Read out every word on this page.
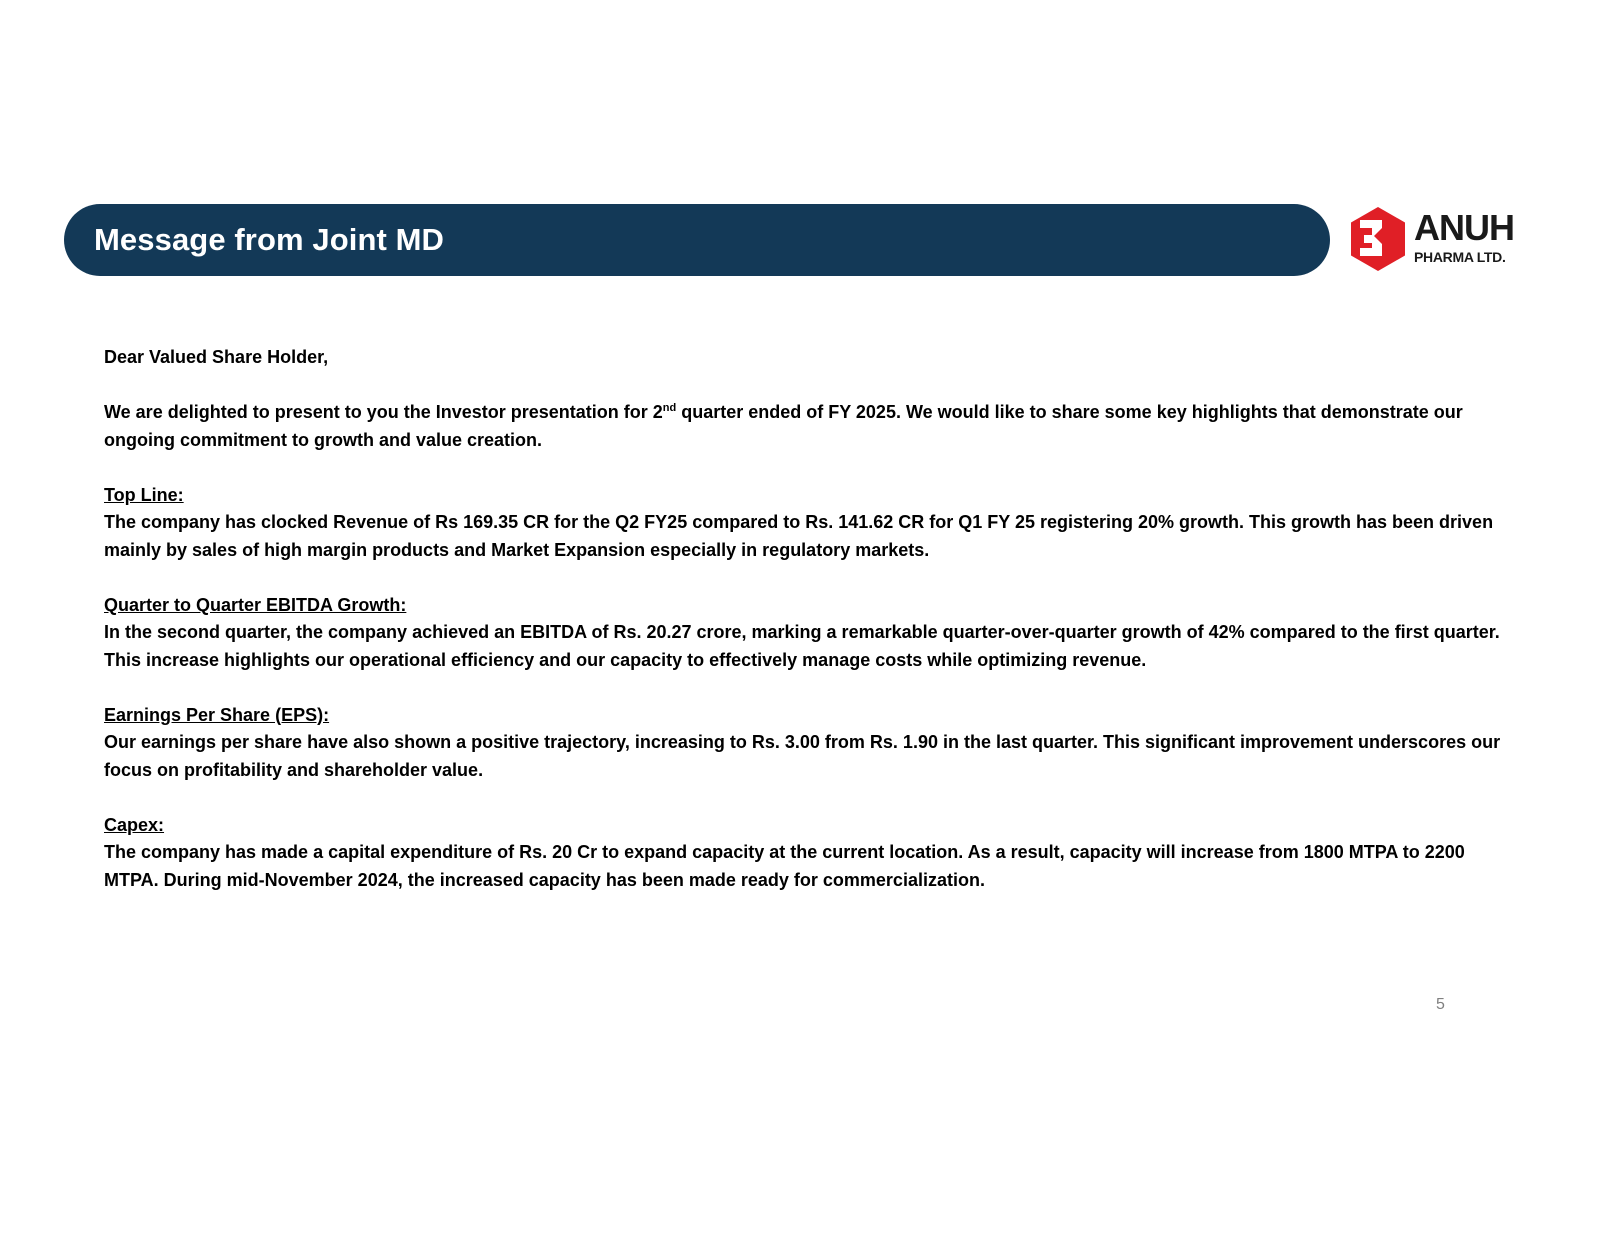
Message from Joint MD	ANUH
PHARMA LTD.

Dear Valued Share Holder,

We are delighted to present to you the Investor presentation for 2nd quarter ended of FY 2025. We would like to share some key highlights that demonstrate our ongoing commitment to growth and value creation.

Top Line:

The company has clocked Revenue of Rs 169.35 CR for the Q2 FY25 compared to Rs. 141.62 CR for Q1 FY 25 registering 20% growth. This growth has been driven mainly by sales of high margin products and Market Expansion especially in regulatory markets.

Quarter to Quarter EBITDA Growth:

In the second quarter, the company achieved an EBITDA of Rs. 20.27 crore, marking a remarkable quarter-over-quarter growth of 42% compared to the first quarter. This increase highlights our operational efficiency and our capacity to effectively manage costs while optimizing revenue.

Earnings Per Share (EPS):

Our earnings per share have also shown a positive trajectory, increasing to Rs. 3.00 from Rs. 1.90 in the last quarter. This significant improvement underscores our focus on profitability and shareholder value.

Capex:

The company has made a capital expenditure of Rs. 20 Cr to expand capacity at the current location. As a result, capacity will increase from 1800 MTPA to 2200 MTPA. During mid-November 2024, the increased capacity has been made ready for commercialization.

5
